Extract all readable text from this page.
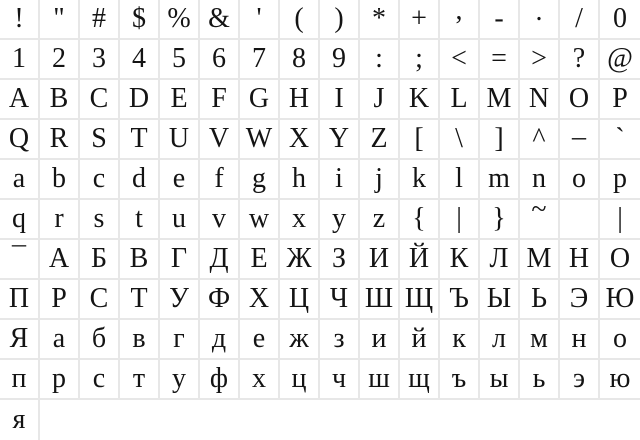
! " # $ % & ' ( ) * + , - . / 0
1 2 3 4 5 6 7 8 9 : ; < = > ? @
A B C D E F G H I J K L M N O P
Q R S T U V W X Y Z [ \ ] ^ _ `
a b c d e f g h i j k l m n o p
q r s t u v w x y z { | } ~	|
¯ А Б В Г Д Е Ж З И Й К Л М Н О
П Р С Т У Ф Х Ц Ч Ш Щ Ъ Ы Ь Э Ю
Я а б в г д е ж з и й к л м н о
п р с т у ф х ц ч ш щ ъ ы ь э ю
я
